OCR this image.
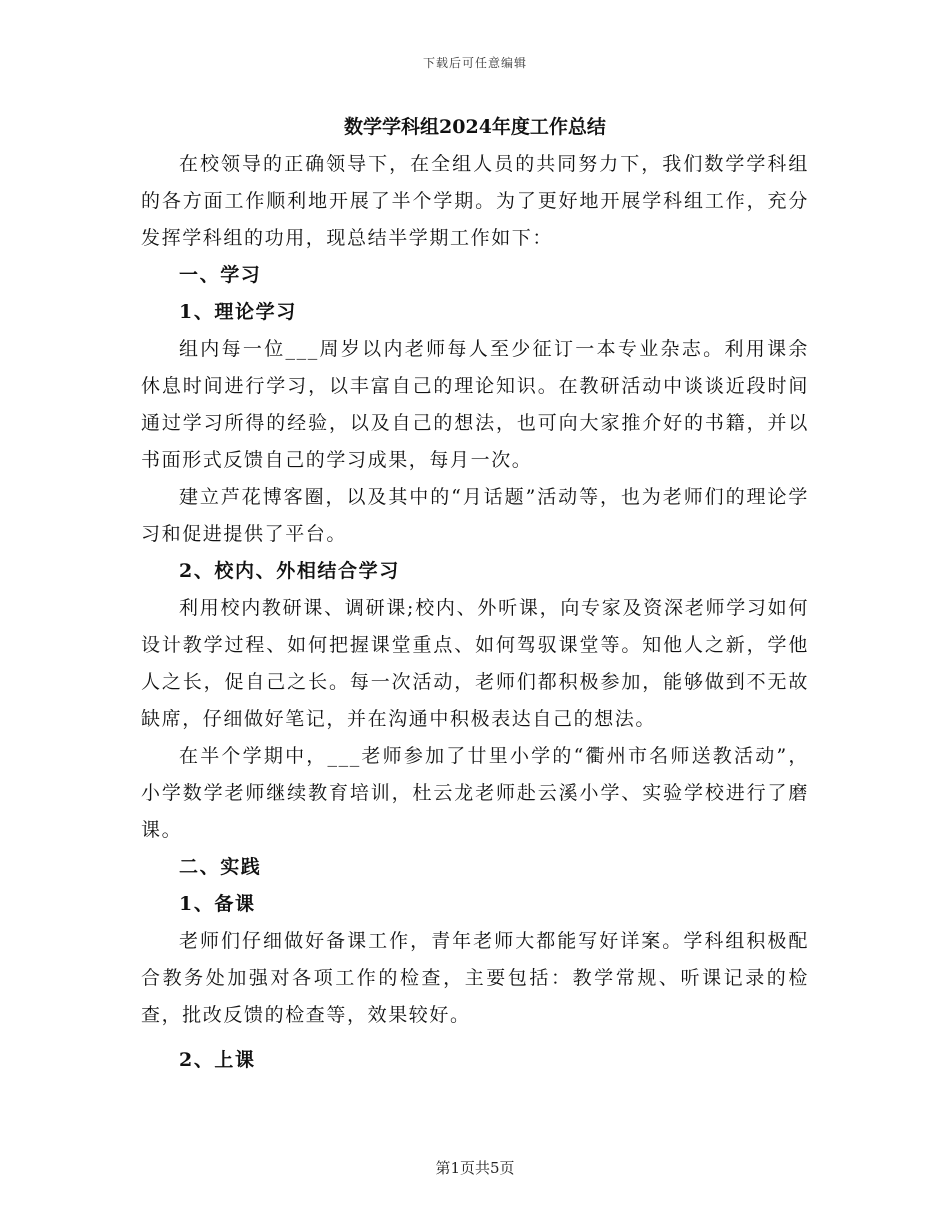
下载后可任意编辑
数学学科组2024年度工作总结

在校领导的正确领导下，在全组人员的共同努力下，我们数学学科组的各方面工作顺利地开展了半个学期。为了更好地开展学科组工作，充分发挥学科组的功用，现总结半学期工作如下：

一、学习

1、理论学习

组内每一位___周岁以内老师每人至少征订一本专业杂志。利用课余休息时间进行学习，以丰富自己的理论知识。在教研活动中谈谈近段时间通过学习所得的经验，以及自己的想法，也可向大家推介好的书籍，并以书面形式反馈自己的学习成果，每月一次。

建立芦花博客圈，以及其中的“月话题”活动等，也为老师们的理论学习和促进提供了平台。

2、校内、外相结合学习

利用校内教研课、调研课;校内、外听课，向专家及资深老师学习如何设计教学过程、如何把握课堂重点、如何驾驭课堂等。知他人之新，学他人之长，促自己之长。每一次活动，老师们都积极参加，能够做到不无故缺席，仔细做好笔记，并在沟通中积极表达自己的想法。

在半个学期中，___老师参加了廿里小学的“衢州市名师送教活动”，小学数学老师继续教育培训，杜云龙老师赴云溪小学、实验学校进行了磨课。

二、实践

1、备课

老师们仔细做好备课工作，青年老师大都能写好详案。学科组积极配合教务处加强对各项工作的检查，主要包括：教学常规、听课记录的检查，批改反馈的检查等，效果较好。

2、上课

第1页共5页
